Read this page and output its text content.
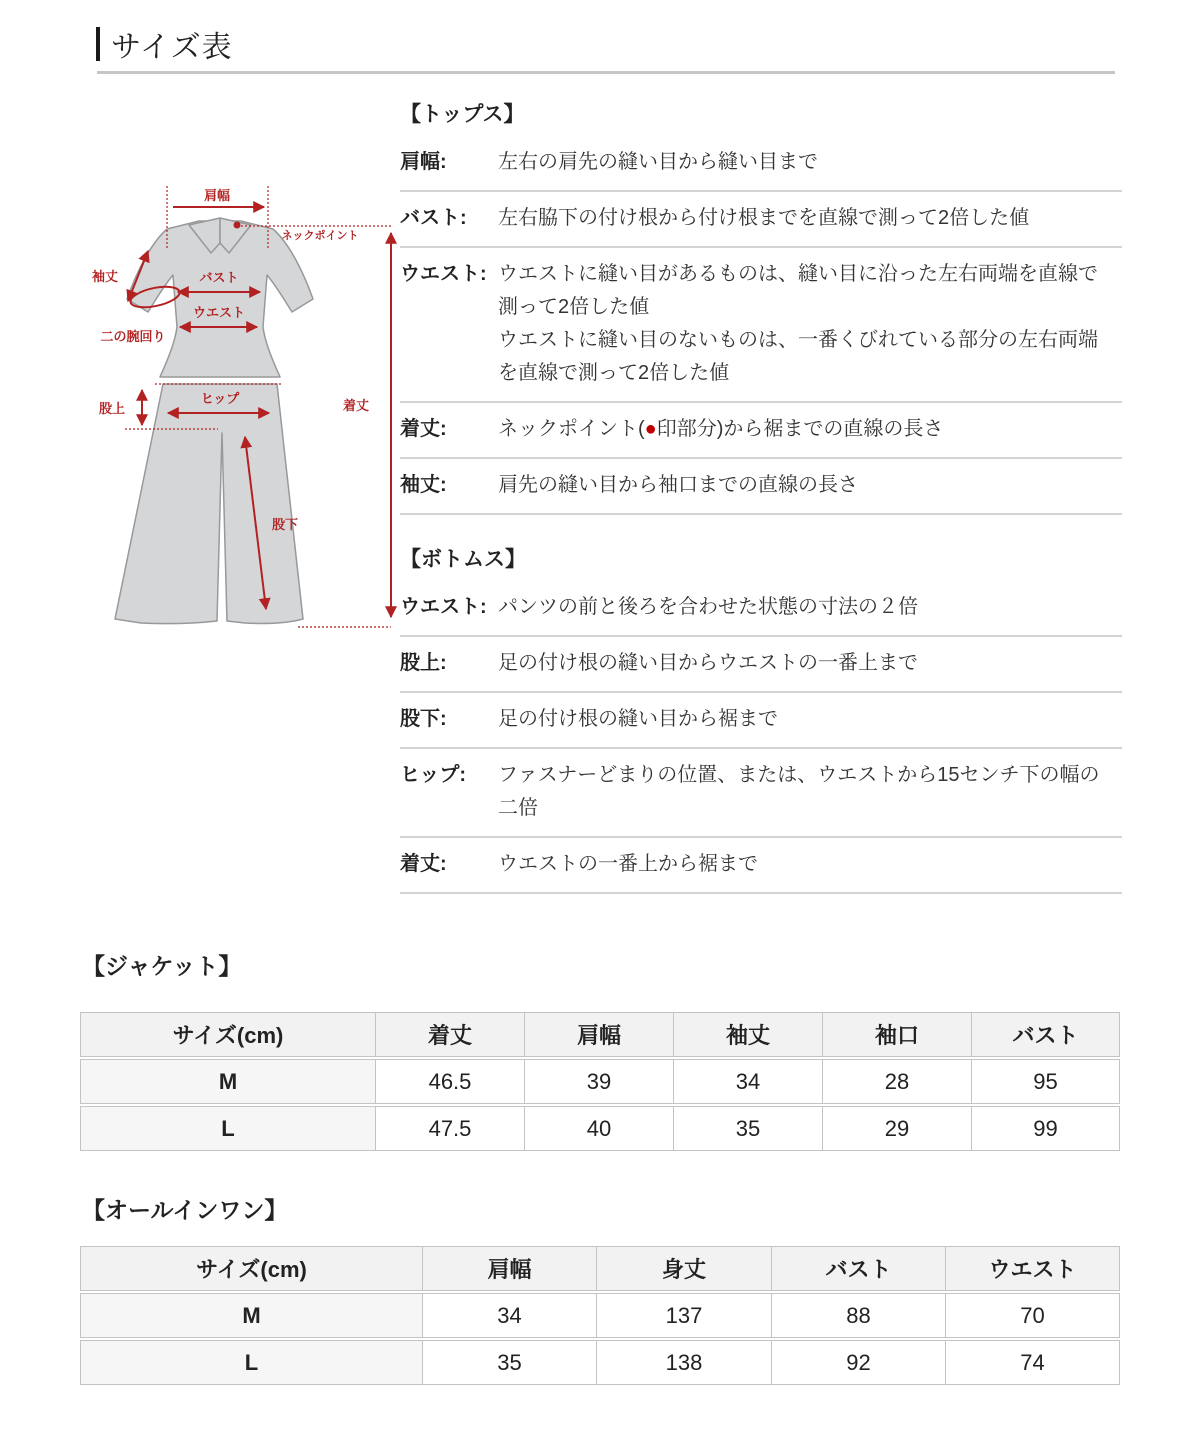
サイズ表
肩幅
ネックポイント
袖丈	バスト
ウエスト
二の腕回り
股上
ヒップ
股下
着丈
【トップス】
肩幅:	左右の肩先の縫い目から縫い目まで
バスト:	左右脇下の付け根から付け根までを直線で測って2倍した値
ウエスト: ウエストに縫い目があるものは、縫い目に沿った左右両端を直線で測って2倍した値
ウエストに縫い目のないものは、一番くびれている部分の左右両端を直線で測って2倍した値
着丈:	ネックポイント(●印部分)から裾までの直線の長さ
袖丈:	肩先の縫い目から袖口までの直線の長さ
【ボトムス】
ウエスト: パンツの前と後ろを合わせた状態の寸法の２倍
股上:	足の付け根の縫い目からウエストの一番上まで
股下:	足の付け根の縫い目から裾まで
ヒップ:	ファスナーどまりの位置、または、ウエストから15センチ下の幅の二倍
着丈:	ウエストの一番上から裾まで
【ジャケット】
サイズ(cm)	着丈	肩幅	袖丈	袖口	バスト
M	46.5	39	34	28	95
L	47.5	40	35	29	99
【オールインワン】
サイズ(cm)	肩幅	身丈	バスト	ウエスト
M	34	137	88	70
L	35	138	92	74
